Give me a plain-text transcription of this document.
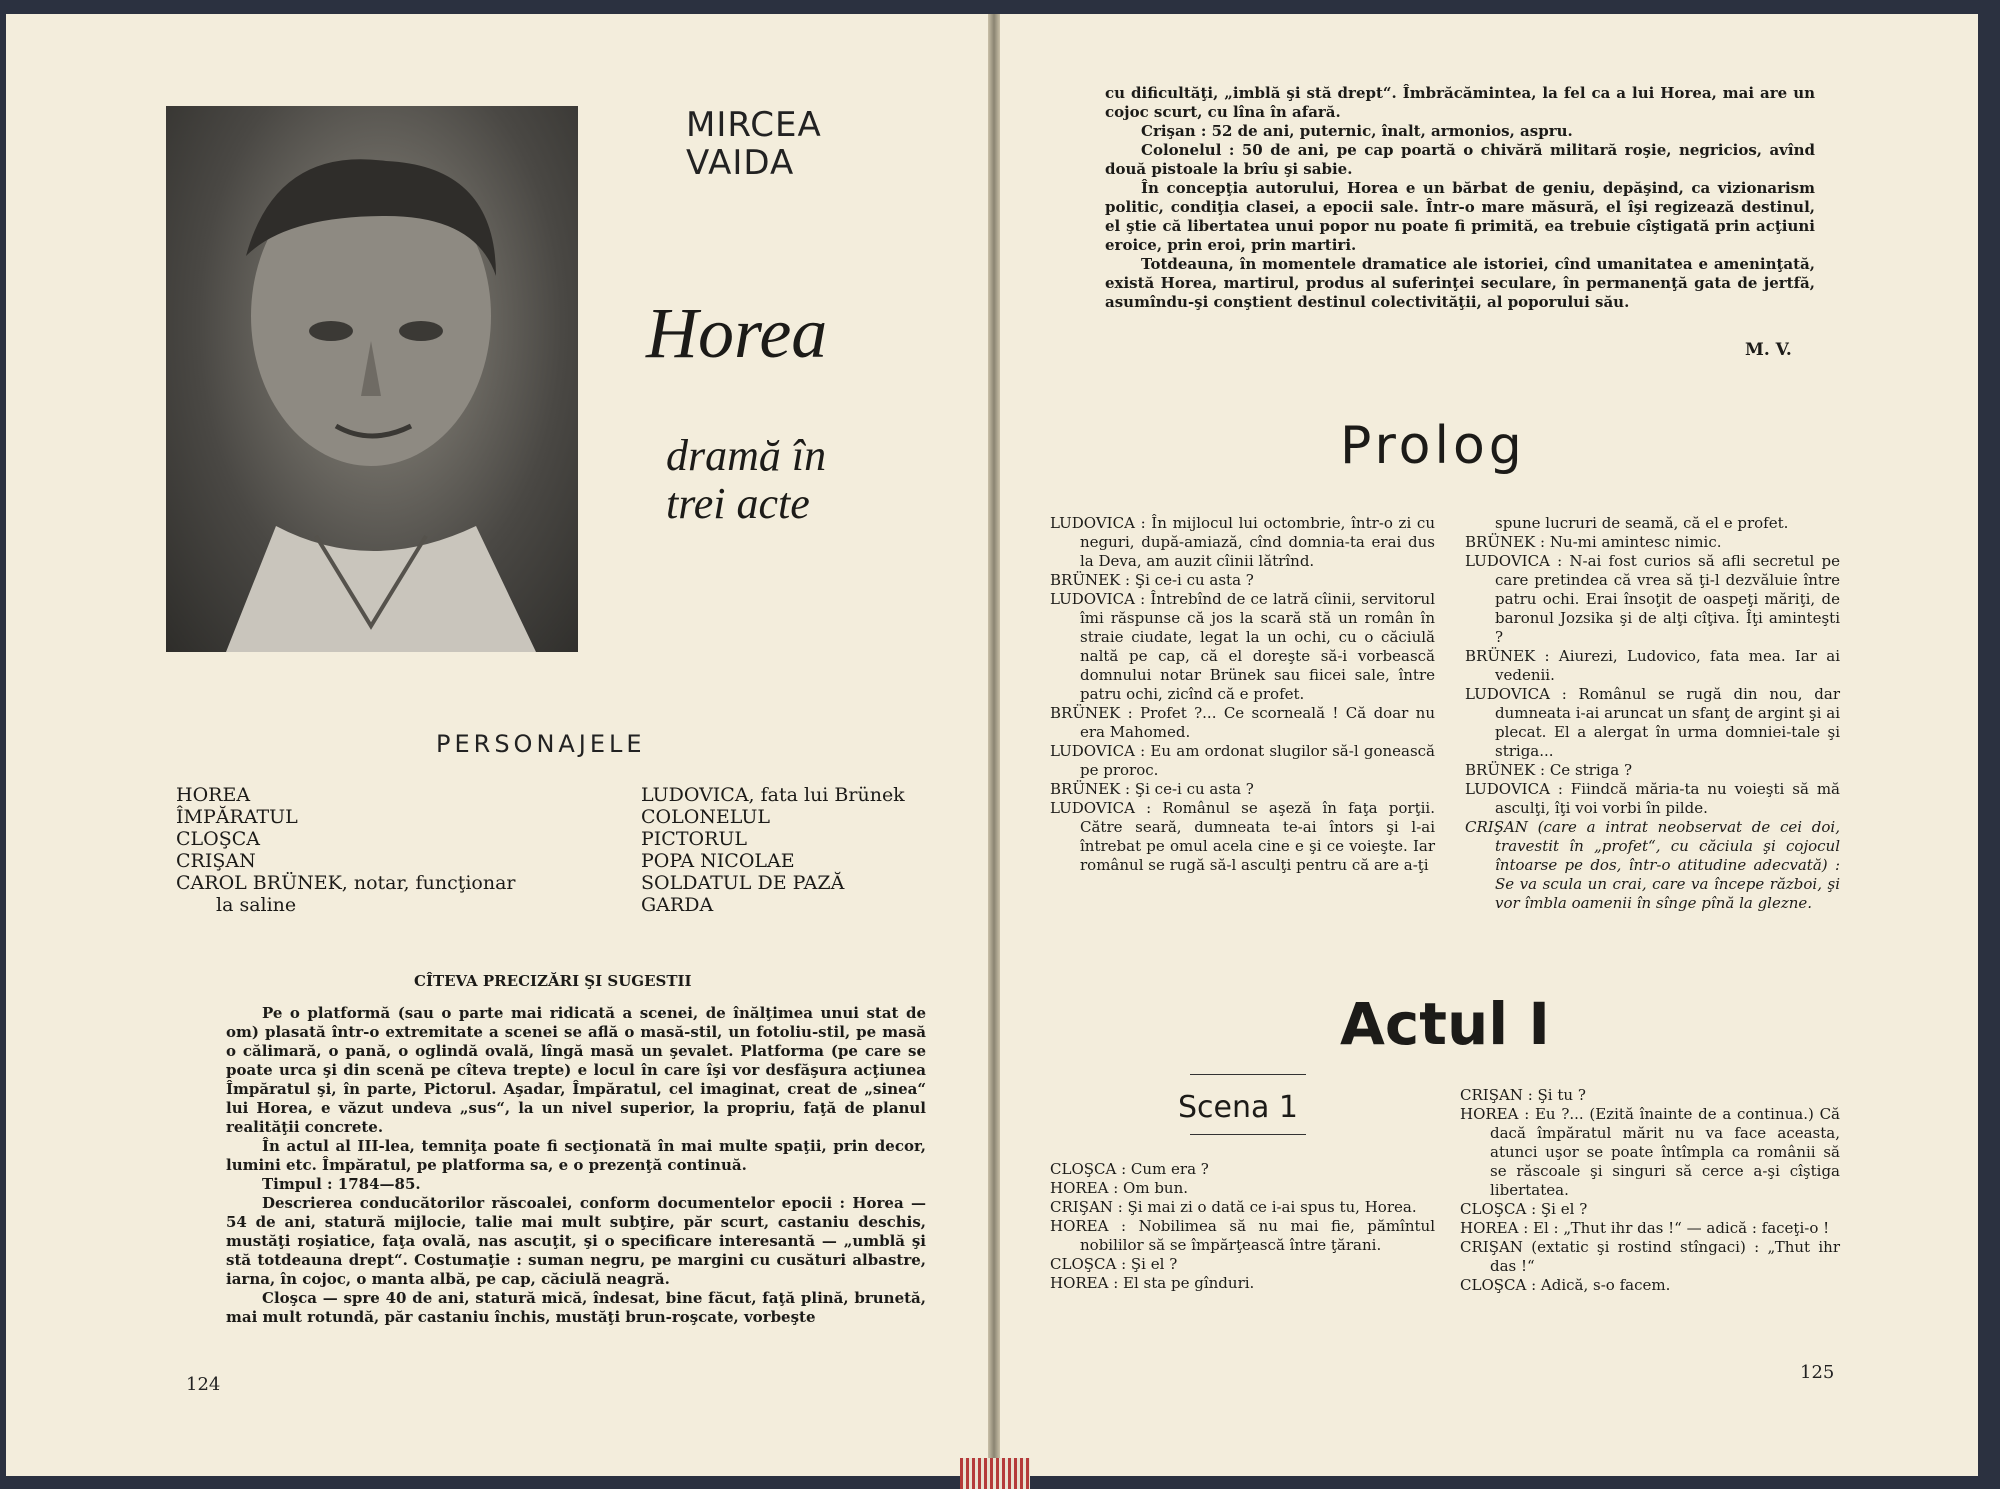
MIRCEA
VAIDA
Horea
dramă în
trei acte
PERSONAJELE
HOREA
ÎMPĂRATUL
CLOŞCA
CRIŞAN
CAROL BRÜNEK, notar, funcţionar
la saline
LUDOVICA, fata lui Brünek
COLONELUL
PICTORUL
POPA NICOLAE
SOLDATUL DE PAZĂ
GARDA
CÎTEVA PRECIZĂRI ŞI SUGESTII

Pe o platformă (sau o parte mai ridicată a scenei, de înălţimea unui stat de om) plasată într-o extremitate a scenei se află o masă-stil, un fotoliu-stil, pe masă o călimară, o pană, o oglindă ovală, lîngă masă un şevalet. Platforma (pe care se poate urca şi din scenă pe cîteva trepte) e locul în care îşi vor desfăşura acţiunea Împăratul şi, în parte, Pictorul. Aşadar, Împăratul, cel imaginat, creat de „sinea“ lui Horea, e văzut undeva „sus“, la un nivel superior, la propriu, faţă de planul realităţii concrete.

În actul al III-lea, temniţa poate fi secţionată în mai multe spaţii, prin decor, lumini etc. Împăratul, pe platforma sa, e o prezenţă continuă.

Timpul : 1784—85.

Descrierea conducătorilor răscoalei, conform documentelor epocii : Horea — 54 de ani, statură mijlocie, talie mai mult subţire, păr scurt, castaniu deschis, mustăţi roşiatice, faţa ovală, nas ascuţit, şi o specificare interesantă — „umblă şi stă totdeauna drept“. Costumaţie : suman negru, pe margini cu cusături albastre, iarna, în cojoc, o manta albă, pe cap, căciulă neagră.

Cloşca — spre 40 de ani, statură mică, îndesat, bine făcut, faţă plină, brunetă, mai mult rotundă, păr castaniu închis, mustăţi brun-roşcate, vorbeşte

124

cu dificultăţi, „imblă şi stă drept“. Îmbrăcămintea, la fel ca a lui Horea, mai are un cojoc scurt, cu lîna în afară.

Crişan : 52 de ani, puternic, înalt, armonios, aspru.

Colonelul : 50 de ani, pe cap poartă o chivără militară roşie, negricios, avînd două pistoale la brîu şi sabie.

În concepţia autorului, Horea e un bărbat de geniu, depăşind, ca vizionarism politic, condiţia clasei, a epocii sale. Într-o mare măsură, el îşi regizează destinul, el ştie că libertatea unui popor nu poate fi primită, ea trebuie cîştigată prin acţiuni eroice, prin eroi, prin martiri.

Totdeauna, în momentele dramatice ale istoriei, cînd umanitatea e ameninţată, există Horea, martirul, produs al suferinţei seculare, în permanenţă gata de jertfă, asumîndu-şi conştient destinul colectivităţii, al poporului său.

M. V.
Prolog

LUDOVICA : În mijlocul lui octombrie, într-o zi cu neguri, după-amiază, cînd domnia-ta erai dus la Deva, am auzit cîinii lătrînd.

BRÜNEK : Şi ce-i cu asta ?

LUDOVICA : Întrebînd de ce latră cîinii, servitorul îmi răspunse că jos la scară stă un român în straie ciudate, legat la un ochi, cu o căciulă naltă pe cap, că el doreşte să-i vorbească domnului notar Brünek sau fiicei sale, între patru ochi, zicînd că e profet.

BRÜNEK : Profet ?... Ce scorneală ! Că doar nu era Mahomed.

LUDOVICA : Eu am ordonat slugilor să-l gonească pe proroc.

BRÜNEK : Şi ce-i cu asta ?

LUDOVICA : Românul se aşeză în faţa porţii. Către seară, dumneata te-ai întors şi l-ai întrebat pe omul acela cine e şi ce voieşte. Iar românul se rugă să-l asculţi pentru că are a-ţi

spune lucruri de seamă, că el e profet.

BRÜNEK : Nu-mi amintesc nimic.

LUDOVICA : N-ai fost curios să afli secretul pe care pretindea că vrea să ţi-l dezvăluie între patru ochi. Erai însoţit de oaspeţi măriţi, de baronul Jozsika şi de alţi cîţiva. Îţi aminteşti ?

BRÜNEK : Aiurezi, Ludovico, fata mea. Iar ai vedenii.

LUDOVICA : Românul se rugă din nou, dar dumneata i-ai aruncat un sfanţ de argint şi ai plecat. El a alergat în urma domniei-tale şi striga...

BRÜNEK : Ce striga ?

LUDOVICA : Fiindcă măria-ta nu voieşti să mă asculţi, îţi voi vorbi în pilde.

CRIŞAN (care a intrat neobservat de cei doi, travestit în „profet“, cu căciula şi cojocul întoarse pe dos, într-o atitudine adecvată) : Se va scula un crai, care va începe război, şi vor îmbla oamenii în sînge pînă la glezne.

Actul I
Scena 1

CLOŞCA : Cum era ?

HOREA : Om bun.

CRIŞAN : Şi mai zi o dată ce i-ai spus tu, Horea.

HOREA : Nobilimea să nu mai fie, pămîntul nobililor să se împărţească între ţărani.

CLOŞCA : Şi el ?

HOREA : El sta pe gînduri.

CRIŞAN : Şi tu ?

HOREA : Eu ?... (Ezită înainte de a continua.) Că dacă împăratul mărit nu va face aceasta, atunci uşor se poate întîmpla ca românii să se răscoale şi singuri să cerce a-şi cîştiga libertatea.

CLOŞCA : Şi el ?

HOREA : El : „Thut ihr das !“ — adică : faceţi-o !

CRIŞAN (extatic şi rostind stîngaci) : „Thut ihr das !“

CLOŞCA : Adică, s-o facem.

125
